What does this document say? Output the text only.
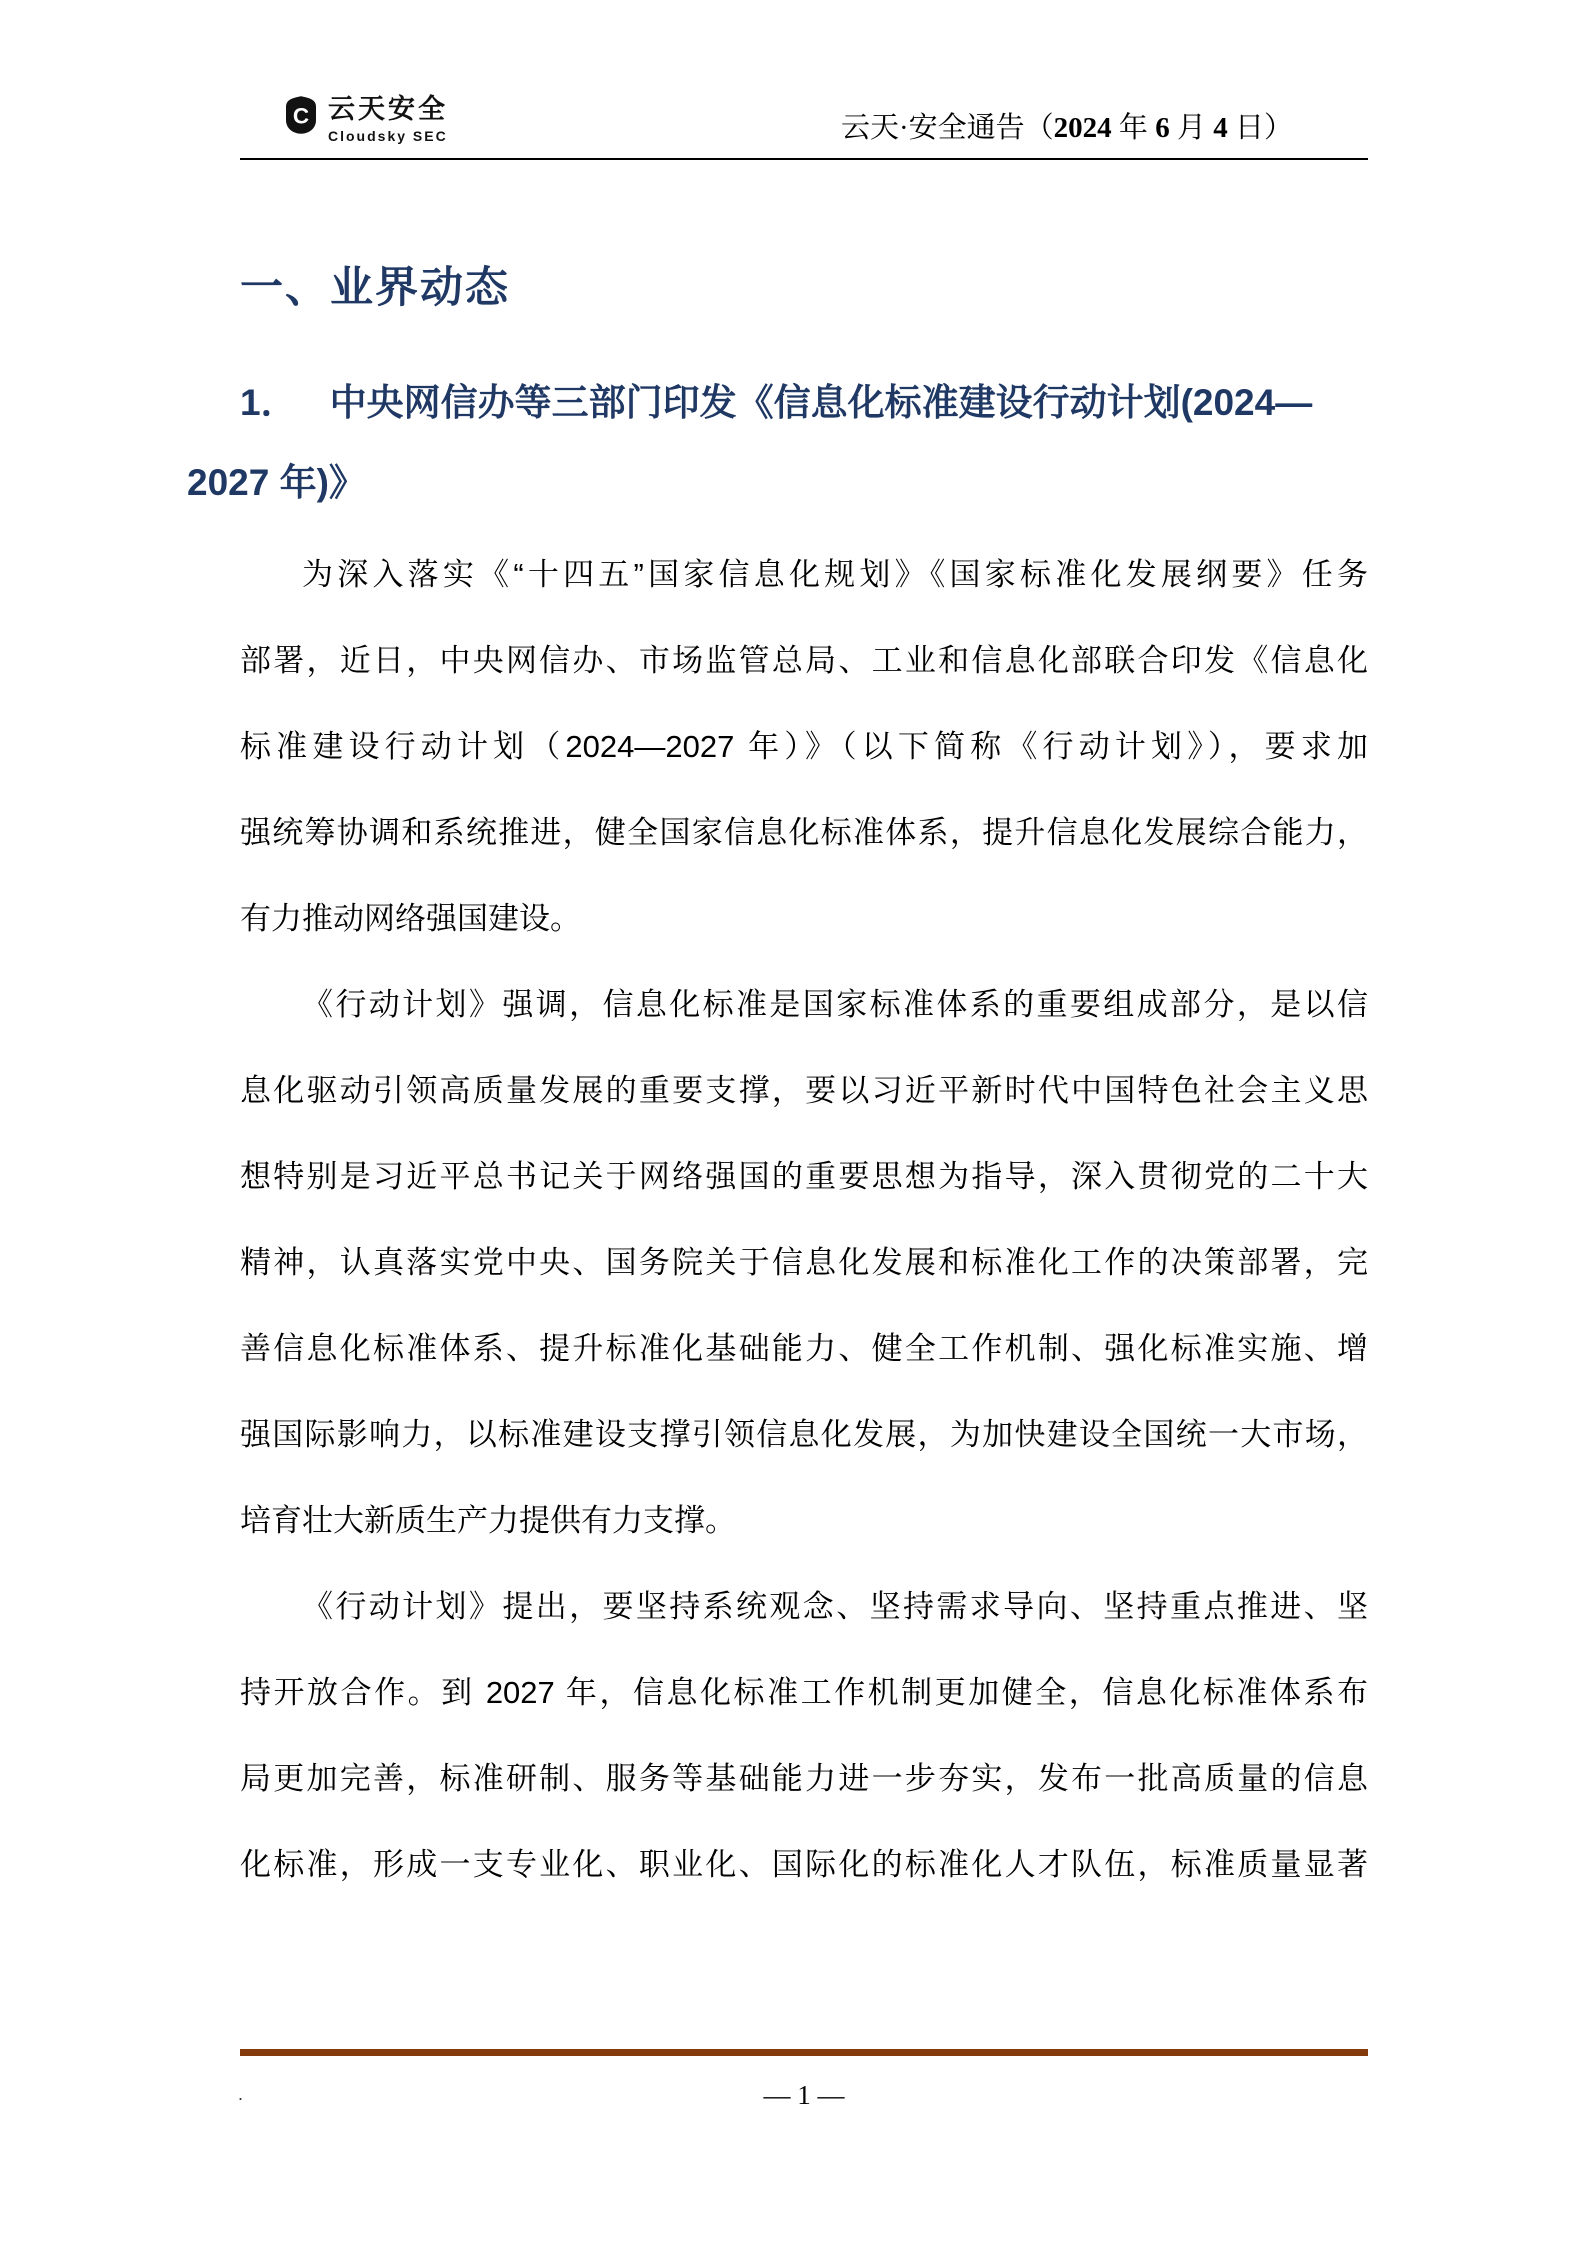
C 云天安全
Cloudsky SEC	云天·安全通告（2024 年 6 月 4 日）
一、业界动态
1． 中央网信办等三部门印发《信息化标准建设行动计划(2024—
2027 年)》
为深入落实《“十四五”国家信息化规划》《国家标准化发展纲要》任务
部署，近日，中央网信办、市场监管总局、工业和信息化部联合印发《信息化
标准建设行动计划（2024—2027 年）》（以下简称《行动计划》），要求加
强统筹协调和系统推进，健全国家信息化标准体系，提升信息化发展综合能力，
有力推动网络强国建设。
《行动计划》强调，信息化标准是国家标准体系的重要组成部分，是以信
息化驱动引领高质量发展的重要支撑，要以习近平新时代中国特色社会主义思
想特别是习近平总书记关于网络强国的重要思想为指导，深入贯彻党的二十大
精神，认真落实党中央、国务院关于信息化发展和标准化工作的决策部署，完
善信息化标准体系、提升标准化基础能力、健全工作机制、强化标准实施、增
强国际影响力，以标准建设支撑引领信息化发展，为加快建设全国统一大市场，
培育壮大新质生产力提供有力支撑。
《行动计划》提出，要坚持系统观念、坚持需求导向、坚持重点推进、坚
持开放合作。到 2027 年，信息化标准工作机制更加健全，信息化标准体系布
局更加完善，标准研制、服务等基础能力进一步夯实，发布一批高质量的信息
化标准，形成一支专业化、职业化、国际化的标准化人才队伍，标准质量显著
.	— 1 —
